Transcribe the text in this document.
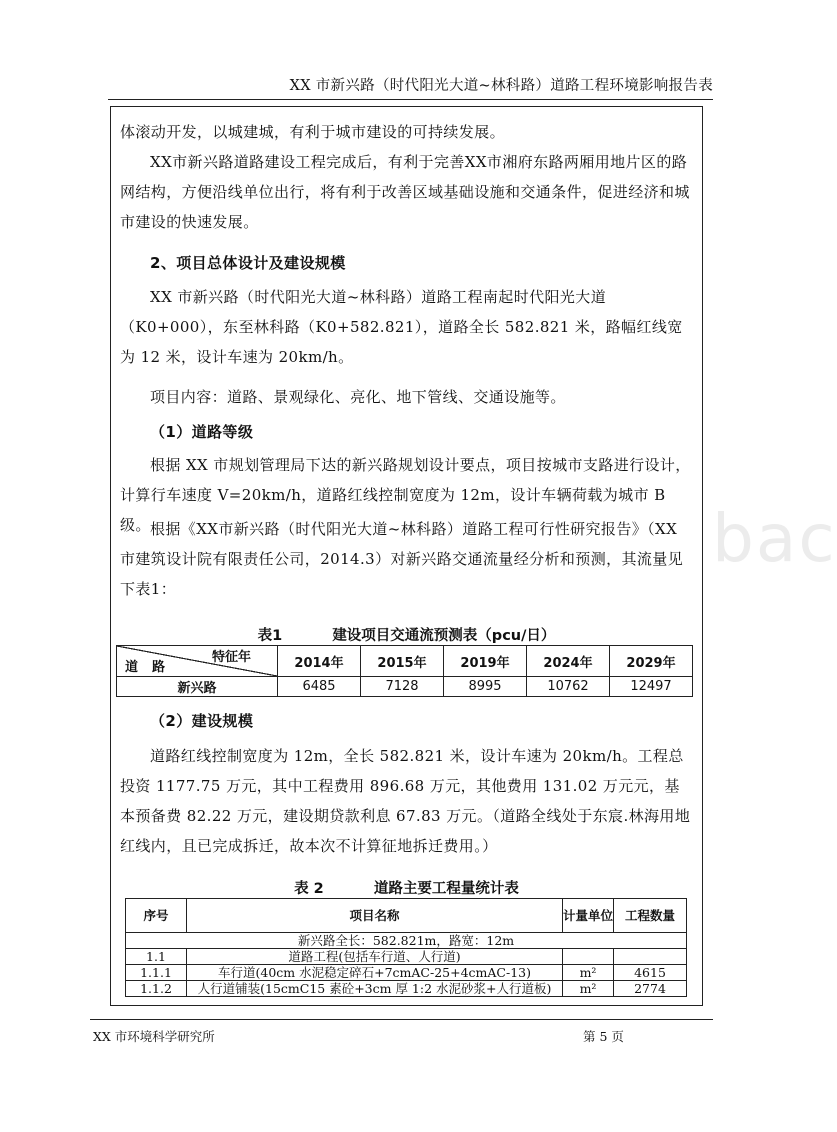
XX 市新兴路（时代阳光大道~林科路）道路工程环境影响报告表
bac
体滚动开发，以城建城，有利于城市建设的可持续发展。
XX市新兴路道路建设工程完成后，有利于完善XX市湘府东路两厢用地片区的路网结构，方便沿线单位出行，将有利于改善区域基础设施和交通条件，促进经济和城市建设的快速发展。
2、项目总体设计及建设规模
XX 市新兴路（时代阳光大道~林科路）道路工程南起时代阳光大道（K0+000），东至林科路（K0+582.821），道路全长 582.821 米，路幅红线宽为 12 米，设计车速为 20km/h。
项目内容：道路、景观绿化、亮化、地下管线、交通设施等。
（1）道路等级
根据 XX 市规划管理局下达的新兴路规划设计要点，项目按城市支路进行设计，计算行车速度 V=20km/h，道路红线控制宽度为 12m，设计车辆荷载为城市 B 级。 根据《XX市新兴路（时代阳光大道~林科路）道路工程可行性研究报告》（XX市建筑设计院有限责任公司，2014.3）对新兴路交通流量经分析和预测，其流量见下表1：
表1	建设项目交通流预测表（pcu/日）
特征年
道路	2014年	2015年	2019年	2024年	2029年
新兴路	6485	7128	8995	10762	12497
（2）建设规模
道路红线控制宽度为 12m，全长 582.821 米，设计车速为 20km/h。工程总投资 1177.75 万元，其中工程费用 896.68 万元，其他费用 131.02 万元元，基本预备费 82.22 万元，建设期贷款利息 67.83 万元。（道路全线处于东宸.林海用地红线内，且已完成拆迁，故本次不计算征地拆迁费用。）
表 2	道路主要工程量统计表
序号	项目名称	计量单位	工程数量
新兴路全长：582.821m，路宽：12m			
1.1	道路工程(包括车行道、人行道)		
1.1.1	车行道(40cm 水泥稳定碎石+7cmAC-25+4cmAC-13)	m²	4615
1.1.2	人行道铺装(15cmC15 素砼+3cm 厚 1:2 水泥砂浆+人行道板)	m²	2774
XX 市环境科学研究所	第 5 页
